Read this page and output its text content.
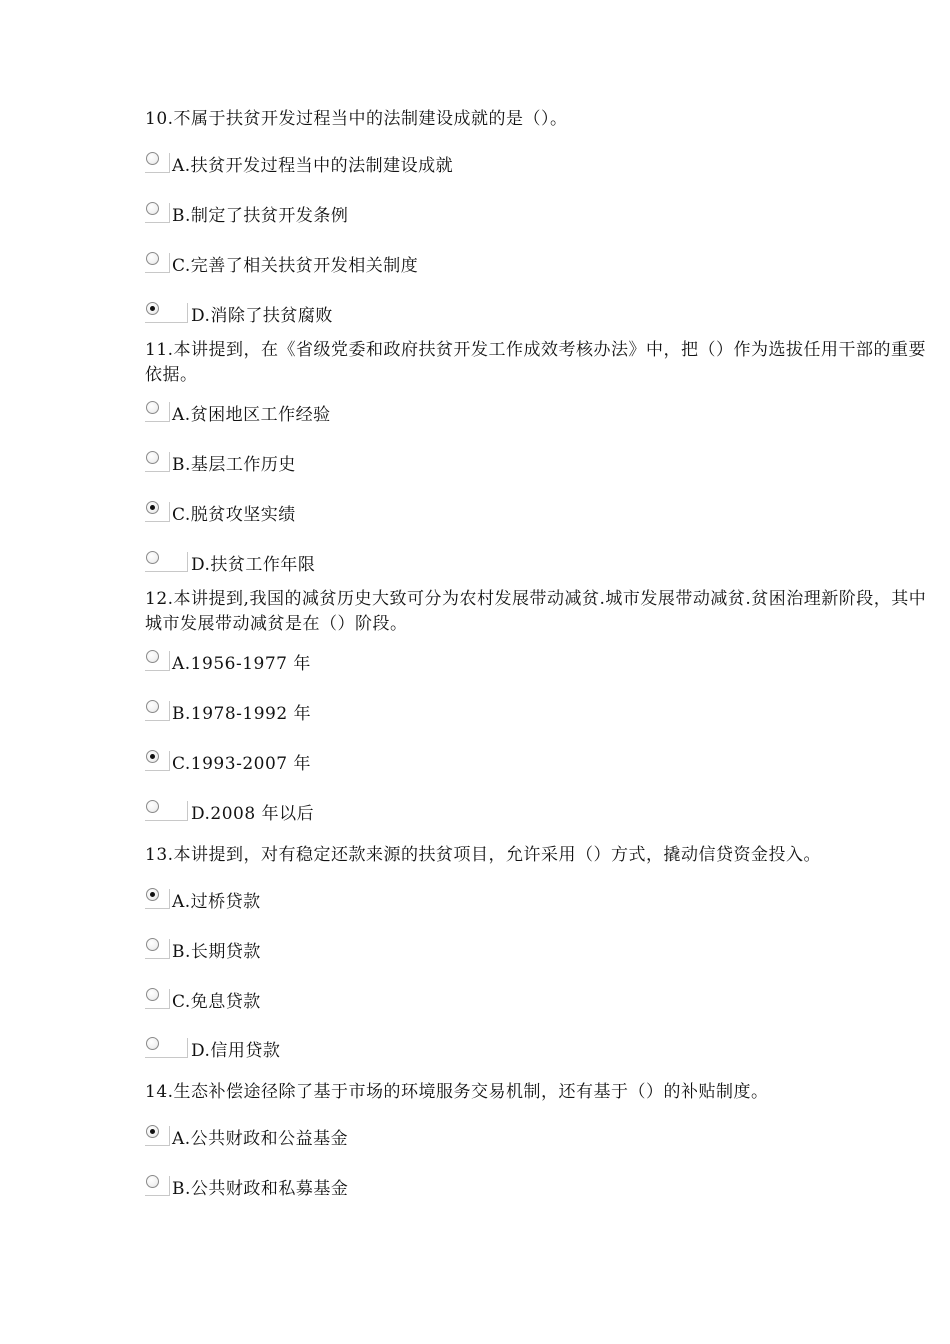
10.不属于扶贫开发过程当中的法制建设成就的是（）。
A.扶贫开发过程当中的法制建设成就
B.制定了扶贫开发条例
C.完善了相关扶贫开发相关制度
D.消除了扶贫腐败
11.本讲提到，在《省级党委和政府扶贫开发工作成效考核办法》中，把（）作为选拔任用干部的重要依据。
A.贫困地区工作经验
B.基层工作历史
C.脱贫攻坚实绩
D.扶贫工作年限
12.本讲提到,我国的减贫历史大致可分为农村发展带动减贫.城市发展带动减贫.贫困治理新阶段，其中城市发展带动减贫是在（）阶段。
A.1956-1977 年
B.1978-1992 年
C.1993-2007 年
D.2008 年以后
13.本讲提到，对有稳定还款来源的扶贫项目，允许采用（）方式，撬动信贷资金投入。
A.过桥贷款
B.长期贷款
C.免息贷款
D.信用贷款
14.生态补偿途径除了基于市场的环境服务交易机制，还有基于（）的补贴制度。
A.公共财政和公益基金
B.公共财政和私募基金
